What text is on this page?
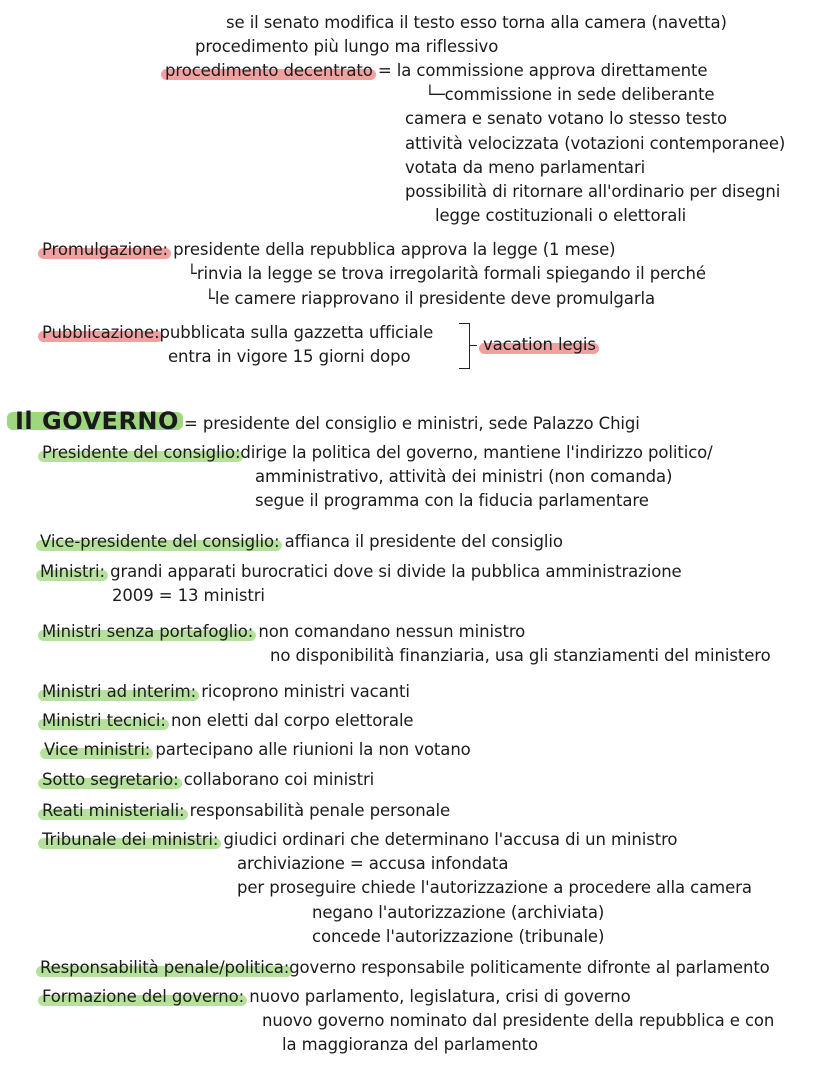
se il senato modifica il testo esso torna alla camera (navetta)
procedimento più lungo ma riflessivo
procedimento decentrato = la commissione approva direttamente
└─commissione in sede deliberante
camera e senato votano lo stesso testo
attività velocizzata (votazioni contemporanee)
votata da meno parlamentari
possibilità di ritornare all'ordinario per disegni
legge costituzionali o elettorali
Promulgazione: presidente della repubblica approva la legge (1 mese)
└rinvia la legge se trova irregolarità formali spiegando il perché
└le camere riapprovano il presidente deve promulgarla
Pubblicazione:pubblicata sulla gazzetta ufficiale
entra in vigore 15 giorni dopo
vacation legis
Il GOVERNO = presidente del consiglio e ministri, sede Palazzo Chigi
Presidente del consiglio:dirige la politica del governo, mantiene l'indirizzo politico/
amministrativo, attività dei ministri (non comanda)
segue il programma con la fiducia parlamentare
Vice-presidente del consiglio: affianca il presidente del consiglio
Ministri: grandi apparati burocratici dove si divide la pubblica amministrazione
2009 = 13 ministri
Ministri senza portafoglio: non comandano nessun ministro
no disponibilità finanziaria, usa gli stanziamenti del ministero
Ministri ad interim: ricoprono ministri vacanti
Ministri tecnici: non eletti dal corpo elettorale
Vice ministri: partecipano alle riunioni la non votano
Sotto segretario: collaborano coi ministri
Reati ministeriali: responsabilità penale personale
Tribunale dei ministri: giudici ordinari che determinano l'accusa di un ministro
archiviazione = accusa infondata
per proseguire chiede l'autorizzazione a procedere alla camera
negano l'autorizzazione (archiviata)
concede l'autorizzazione (tribunale)
Responsabilità penale/politica:governo responsabile politicamente difronte al parlamento
Formazione del governo: nuovo parlamento, legislatura, crisi di governo
nuovo governo nominato dal presidente della repubblica e con
la maggioranza del parlamento
